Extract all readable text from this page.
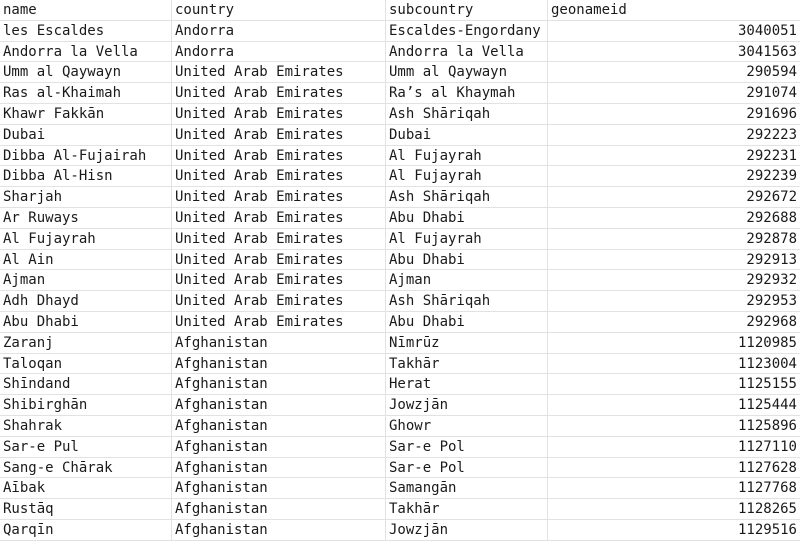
name	country	subcountry	geonameid
les Escaldes	Andorra	Escaldes-Engordany	3040051
Andorra la Vella	Andorra	Andorra la Vella	3041563
Umm al Qaywayn	United Arab Emirates	Umm al Qaywayn	290594
Ras al-Khaimah	United Arab Emirates	Ra’s al Khaymah	291074
Khawr Fakkān	United Arab Emirates	Ash Shāriqah	291696
Dubai	United Arab Emirates	Dubai	292223
Dibba Al-Fujairah	United Arab Emirates	Al Fujayrah	292231
Dibba Al-Hisn	United Arab Emirates	Al Fujayrah	292239
Sharjah	United Arab Emirates	Ash Shāriqah	292672
Ar Ruways	United Arab Emirates	Abu Dhabi	292688
Al Fujayrah	United Arab Emirates	Al Fujayrah	292878
Al Ain	United Arab Emirates	Abu Dhabi	292913
Ajman	United Arab Emirates	Ajman	292932
Adh Dhayd	United Arab Emirates	Ash Shāriqah	292953
Abu Dhabi	United Arab Emirates	Abu Dhabi	292968
Zaranj	Afghanistan	Nīmrūz	1120985
Taloqan	Afghanistan	Takhār	1123004
Shīndand	Afghanistan	Herat	1125155
Shibirghān	Afghanistan	Jowzjān	1125444
Shahrak	Afghanistan	Ghowr	1125896
Sar-e Pul	Afghanistan	Sar-e Pol	1127110
Sang-e Chārak	Afghanistan	Sar-e Pol	1127628
Aībak	Afghanistan	Samangān	1127768
Rustāq	Afghanistan	Takhār	1128265
Qarqīn	Afghanistan	Jowzjān	1129516
